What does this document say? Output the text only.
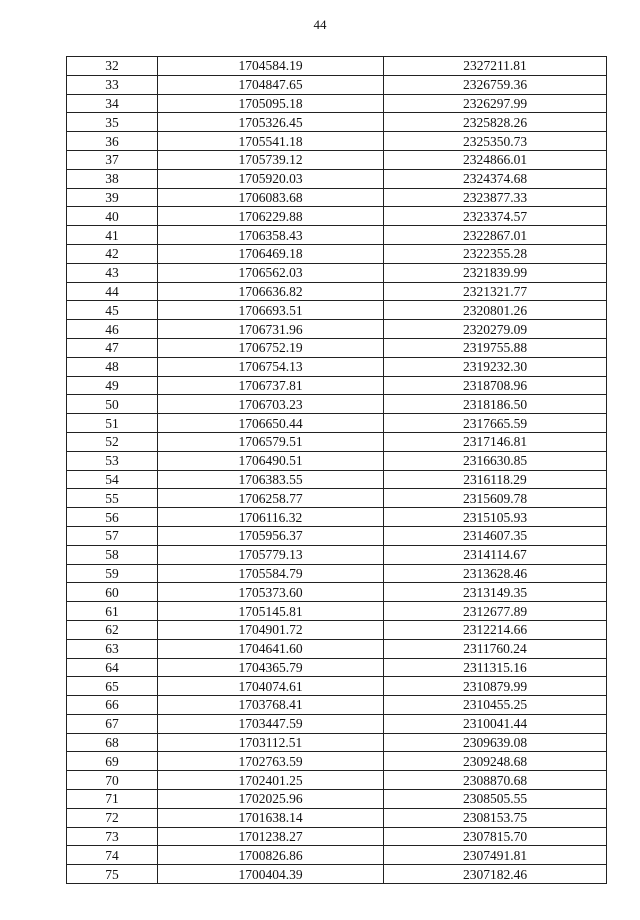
44
32	1704584.19	2327211.81
33	1704847.65	2326759.36
34	1705095.18	2326297.99
35	1705326.45	2325828.26
36	1705541.18	2325350.73
37	1705739.12	2324866.01
38	1705920.03	2324374.68
39	1706083.68	2323877.33
40	1706229.88	2323374.57
41	1706358.43	2322867.01
42	1706469.18	2322355.28
43	1706562.03	2321839.99
44	1706636.82	2321321.77
45	1706693.51	2320801.26
46	1706731.96	2320279.09
47	1706752.19	2319755.88
48	1706754.13	2319232.30
49	1706737.81	2318708.96
50	1706703.23	2318186.50
51	1706650.44	2317665.59
52	1706579.51	2317146.81
53	1706490.51	2316630.85
54	1706383.55	2316118.29
55	1706258.77	2315609.78
56	1706116.32	2315105.93
57	1705956.37	2314607.35
58	1705779.13	2314114.67
59	1705584.79	2313628.46
60	1705373.60	2313149.35
61	1705145.81	2312677.89
62	1704901.72	2312214.66
63	1704641.60	2311760.24
64	1704365.79	2311315.16
65	1704074.61	2310879.99
66	1703768.41	2310455.25
67	1703447.59	2310041.44
68	1703112.51	2309639.08
69	1702763.59	2309248.68
70	1702401.25	2308870.68
71	1702025.96	2308505.55
72	1701638.14	2308153.75
73	1701238.27	2307815.70
74	1700826.86	2307491.81
75	1700404.39	2307182.46
